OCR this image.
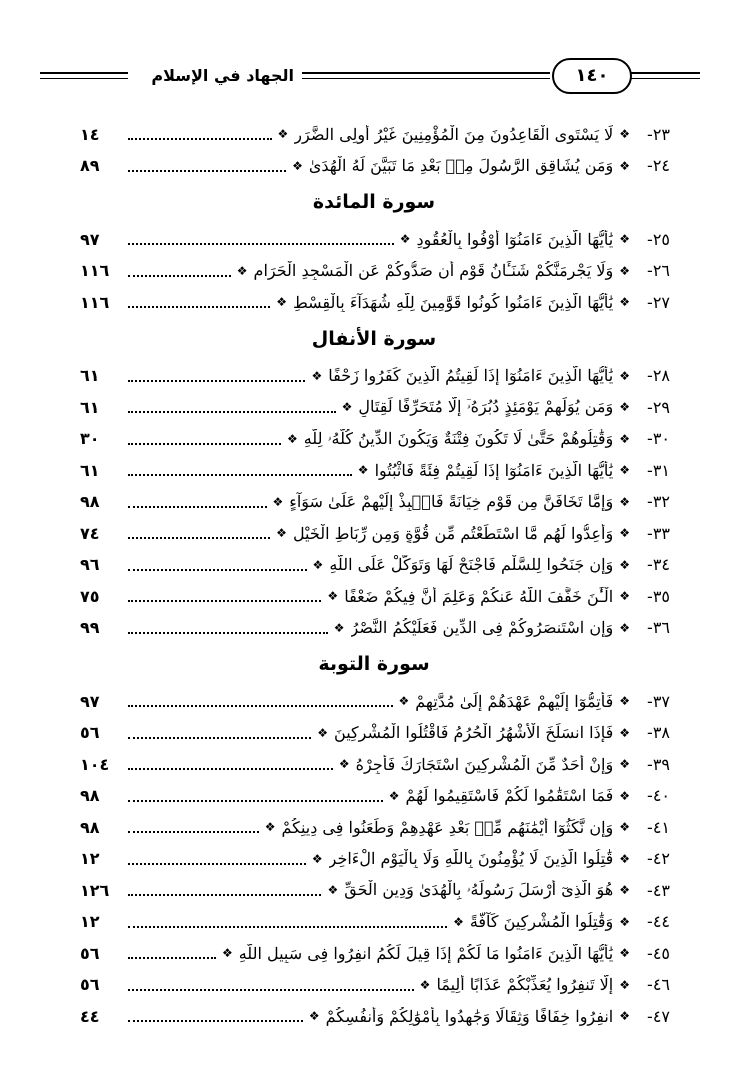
الجهاد في الإسلام	١٤٠
٢٣-
❖
لَا يَسْتَوِى الْقَاعِدُونَ مِنَ الْمُؤْمِنِينَ غَيْرُ أُولِى الضَّرَرِ
❖
١٤
٢٤-
❖
وَمَن يُشَاقِقِ الرَّسُولَ مِنۢ بَعْدِ مَا تَبَيَّنَ لَهُ الْهُدَىٰ
❖
٨٩
سورة المائدة
٢٥-
❖
يَٰأَيُّهَا الَّذِينَ ءَامَنُوٓا أَوْفُوا بِالْعُقُودِ
❖
٩٧
٢٦-
❖
وَلَا يَجْرِمَنَّكُمْ شَنَـَٔانُ قَوْمٍ أَن صَدُّوكُمْ عَنِ الْمَسْجِدِ الْحَرَامِ
❖
١١٦
٢٧-
❖
يَٰأَيُّهَا الَّذِينَ ءَامَنُوا كُونُوا قَوَّٰمِينَ لِلَّهِ شُهَدَآءَ بِالْقِسْطِ
❖
١١٦
سورة الأنفال
٢٨-
❖
يَٰأَيُّهَا الَّذِينَ ءَامَنُوٓا إِذَا لَقِيتُمُ الَّذِينَ كَفَرُوا زَحْفًا
❖
٦١
٢٩-
❖
وَمَن يُوَلِّهِمْ يَوْمَئِذٍ دُبُرَهُۥٓ إِلَّا مُتَحَرِّفًا لِّقِتَالٍ
❖
٦١
٣٠-
❖
وَقَٰتِلُوهُمْ حَتَّىٰ لَا تَكُونَ فِتْنَةٌ وَيَكُونَ الدِّينُ كُلُّهُۥ لِلَّهِ
❖
٣٠
٣١-
❖
يَٰأَيُّهَا الَّذِينَ ءَامَنُوٓا إِذَا لَقِيتُمْ فِئَةً فَاثْبُتُوا
❖
٦١
٣٢-
❖
وَإِمَّا تَخَافَنَّ مِن قَوْمٍ خِيَانَةً فَانۢبِذْ إِلَيْهِمْ عَلَىٰ سَوَآءٍ
❖
٩٨
٣٣-
❖
وَأَعِدُّوا لَهُم مَّا اسْتَطَعْتُم مِّن قُوَّةٍ وَمِن رِّبَاطِ الْخَيْلِ
❖
٧٤
٣٤-
❖
وَإِن جَنَحُوا لِلسَّلْمِ فَاجْنَحْ لَهَا وَتَوَكَّلْ عَلَى اللَّهِ
❖
٩٦
٣٥-
❖
الْـَٰٔنَ خَفَّفَ اللَّهُ عَنكُمْ وَعَلِمَ أَنَّ فِيكُمْ ضَعْفًا
❖
٧٥
٣٦-
❖
وَإِنِ اسْتَنصَرُوكُمْ فِى الدِّينِ فَعَلَيْكُمُ النَّصْرُ
❖
٩٩
سورة التوبة
٣٧-
❖
فَأَتِمُّوٓا إِلَيْهِمْ عَهْدَهُمْ إِلَىٰ مُدَّتِهِمْ
❖
٩٧
٣٨-
❖
فَإِذَا انسَلَخَ الْأَشْهُرُ الْحُرُمُ فَاقْتُلُوا الْمُشْرِكِينَ
❖
٥٦
٣٩-
❖
وَإِنْ أَحَدٌ مِّنَ الْمُشْرِكِينَ اسْتَجَارَكَ فَأَجِرْهُ
❖
١٠٤
٤٠-
❖
فَمَا اسْتَقَٰمُوا لَكُمْ فَاسْتَقِيمُوا لَهُمْ
❖
٩٨
٤١-
❖
وَإِن نَّكَثُوٓا أَيْمَٰنَهُم مِّنۢ بَعْدِ عَهْدِهِمْ وَطَعَنُوا فِى دِينِكُمْ
❖
٩٨
٤٢-
❖
قَٰتِلُوا الَّذِينَ لَا يُؤْمِنُونَ بِاللَّهِ وَلَا بِالْيَوْمِ الْءَاخِرِ
❖
١٢
٤٣-
❖
هُوَ الَّذِىٓ أَرْسَلَ رَسُولَهُۥ بِالْهُدَىٰ وَدِينِ الْحَقِّ
❖
١٢٦
٤٤-
❖
وَقَٰتِلُوا الْمُشْرِكِينَ كَآفَّةً
❖
١٢
٤٥-
❖
يَٰأَيُّهَا الَّذِينَ ءَامَنُوا مَا لَكُمْ إِذَا قِيلَ لَكُمُ انفِرُوا فِى سَبِيلِ اللَّهِ
❖
٥٦
٤٦-
❖
إِلَّا تَنفِرُوا يُعَذِّبْكُمْ عَذَابًا أَلِيمًا
❖
٥٦
٤٧-
❖
انفِرُوا خِفَافًا وَثِقَالًا وَجَٰهِدُوا بِأَمْوَٰلِكُمْ وَأَنفُسِكُمْ
❖
٤٤
